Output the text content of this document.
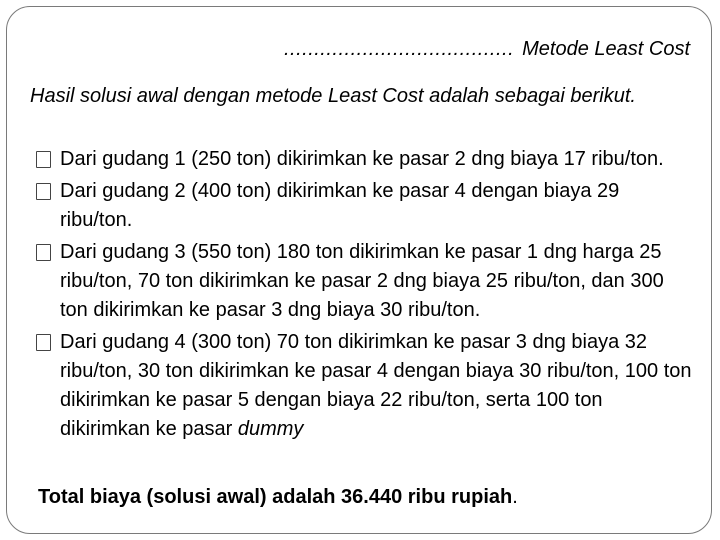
...................................... Metode Least Cost
Hasil solusi awal dengan metode Least Cost adalah sebagai berikut.
Dari gudang 1 (250 ton) dikirimkan ke pasar 2 dng biaya 17 ribu/ton.
Dari gudang 2 (400 ton) dikirimkan ke pasar 4 dengan biaya 29 ribu/ton.
Dari gudang 3 (550 ton) 180 ton dikirimkan ke pasar 1 dng harga 25 ribu/ton, 70 ton dikirimkan ke pasar 2 dng biaya 25 ribu/ton, dan 300 ton dikirimkan ke pasar 3 dng biaya 30 ribu/ton.
Dari gudang 4 (300 ton) 70 ton dikirimkan ke pasar 3 dng biaya 32 ribu/ton, 30 ton dikirimkan ke pasar 4 dengan biaya 30 ribu/ton, 100 ton dikirimkan ke pasar 5 dengan biaya 22 ribu/ton, serta 100 ton dikirimkan ke pasar dummy
Total biaya (solusi awal) adalah 36.440 ribu rupiah.
